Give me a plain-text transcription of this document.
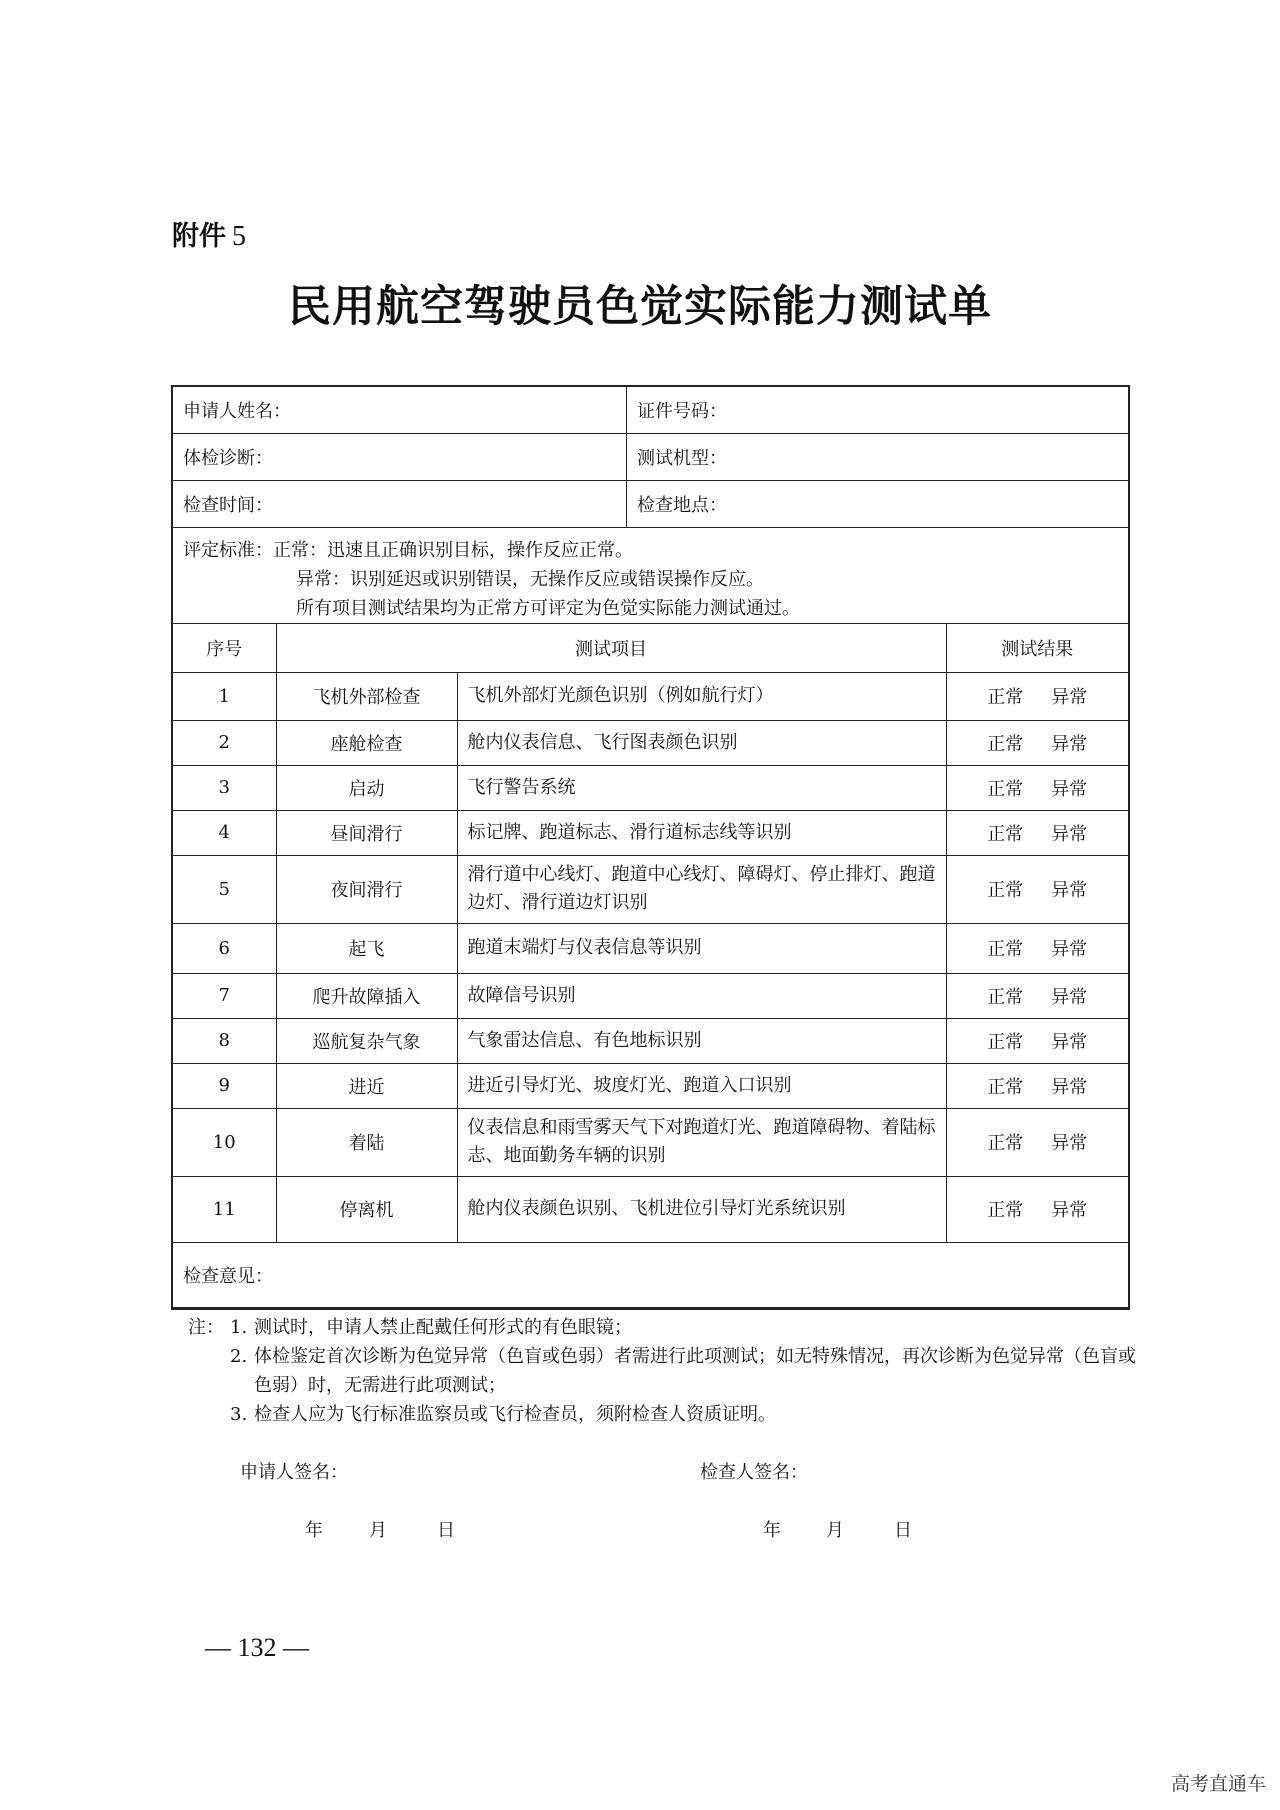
附件 5
民用航空驾驶员色觉实际能力测试单
申请人姓名：	证件号码：
体检诊断：	测试机型：
检查时间：	检查地点：
评定标准：正常：迅速且正确识别目标，操作反应正常。
异常：识别延迟或识别错误，无操作反应或错误操作反应。
所有项目测试结果均为正常方可评定为色觉实际能力测试通过。
序号	测试项目		测试结果
1	飞机外部检查	飞机外部灯光颜色识别（例如航行灯）	正常 异常
2	座舱检查	舱内仪表信息、飞行图表颜色识别	正常 异常
3	启动	飞行警告系统	正常 异常
4	昼间滑行	标记牌、跑道标志、滑行道标志线等识别	正常 异常
5	夜间滑行	滑行道中心线灯、跑道中心线灯、障碍灯、停止排灯、跑道边灯、滑行道边灯识别	正常 异常
6	起飞	跑道末端灯与仪表信息等识别	正常 异常
7	爬升故障插入	故障信号识别	正常 异常
8	巡航复杂气象	气象雷达信息、有色地标识别	正常 异常
9	进近	进近引导灯光、坡度灯光、跑道入口识别	正常 异常
10	着陆	仪表信息和雨雪雾天气下对跑道灯光、跑道障碍物、着陆标志、地面勤务车辆的识别	正常 异常
11	停离机	舱内仪表颜色识别、飞机进位引导灯光系统识别	正常 异常
检查意见：			
注： 1. 测试时，申请人禁止配戴任何形式的有色眼镜；
2. 体检鉴定首次诊断为色觉异常（色盲或色弱）者需进行此项测试；如无特殊情况，再次诊断为色觉异常（色盲或色弱）时，无需进行此项测试；
3. 检查人应为飞行标准监察员或飞行检查员，须附检查人资质证明。
申请人签名：	检查人签名：
年	月	日	年	月	日
— 132 —
高考直通车
